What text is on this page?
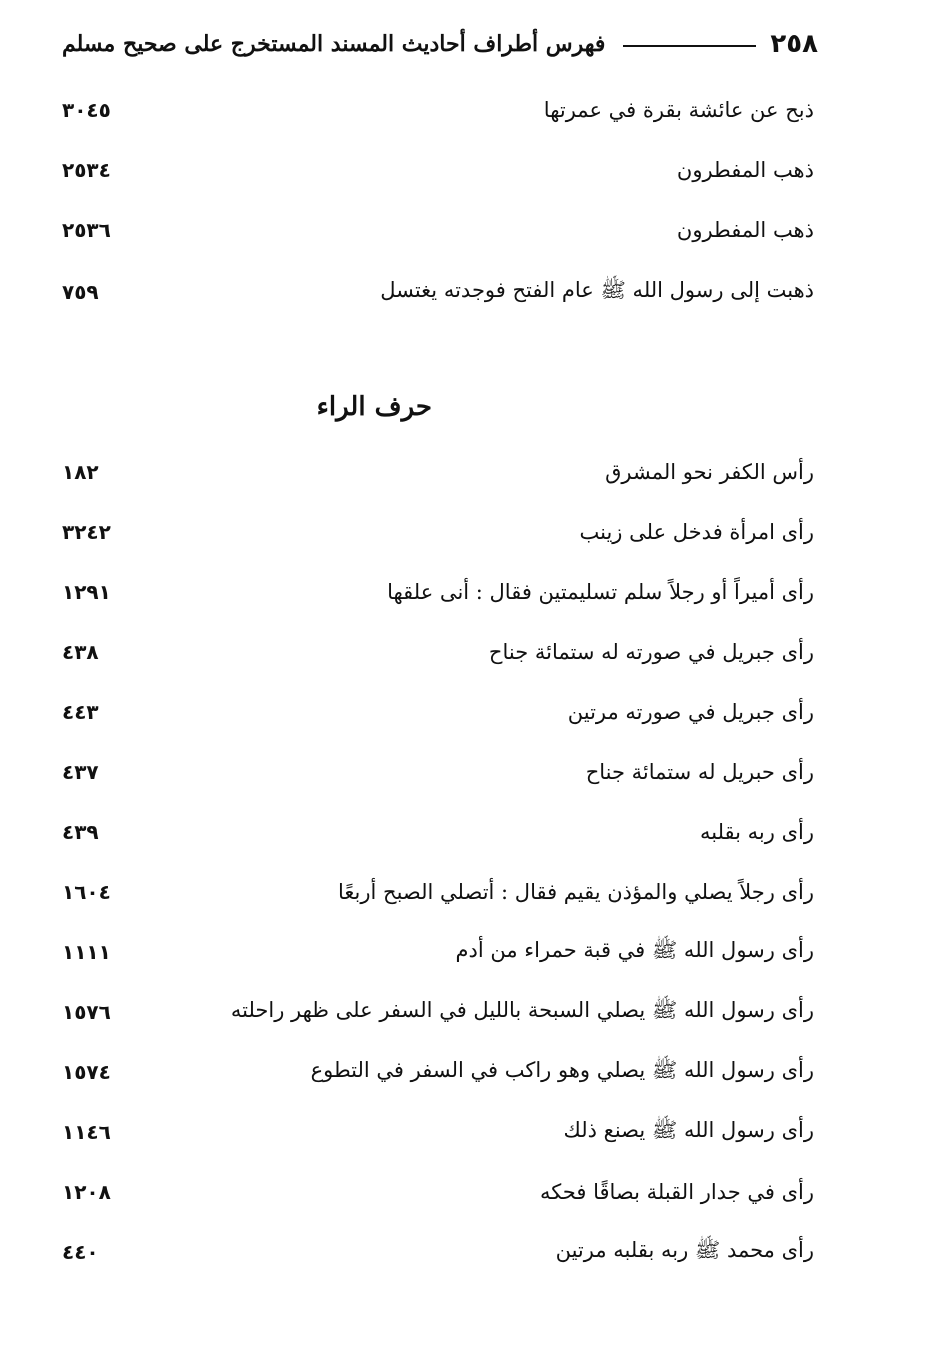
٢٥٨
فهرس أطراف أحاديث المسند المستخرج على صحيح مسلم
ذبح عن عائشة بقرة في عمرتها
٣٠٤٥
ذهب المفطرون
٢٥٣٤
ذهب المفطرون
٢٥٣٦
ذهبت إلى رسول الله ﷺ عام الفتح فوجدته يغتسل
٧٥٩
حرف الراء
رأس الكفر نحو المشرق
١٨٢
رأى امرأة فدخل على زينب
٣٢٤٢
رأى أميراً أو رجلاً سلم تسليمتين فقال : أنى علقها
١٢٩١
رأى جبريل في صورته له ستمائة جناح
٤٣٨
رأى جبريل في صورته مرتين
٤٤٣
رأى حبريل له ستمائة جناح
٤٣٧
رأى ربه بقلبه
٤٣٩
رأى رجلاً يصلي والمؤذن يقيم فقال : أتصلي الصبح أربعًا
١٦٠٤
رأى رسول الله ﷺ في قبة حمراء من أدم
١١١١
رأى رسول الله ﷺ يصلي السبحة بالليل في السفر على ظهر راحلته
١٥٧٦
رأى رسول الله ﷺ يصلي وهو راكب في السفر في التطوع
١٥٧٤
رأى رسول الله ﷺ يصنع ذلك
١١٤٦
رأى في جدار القبلة بصاقًا فحكه
١٢٠٨
رأى محمد ﷺ ربه بقلبه مرتين
٤٤٠
